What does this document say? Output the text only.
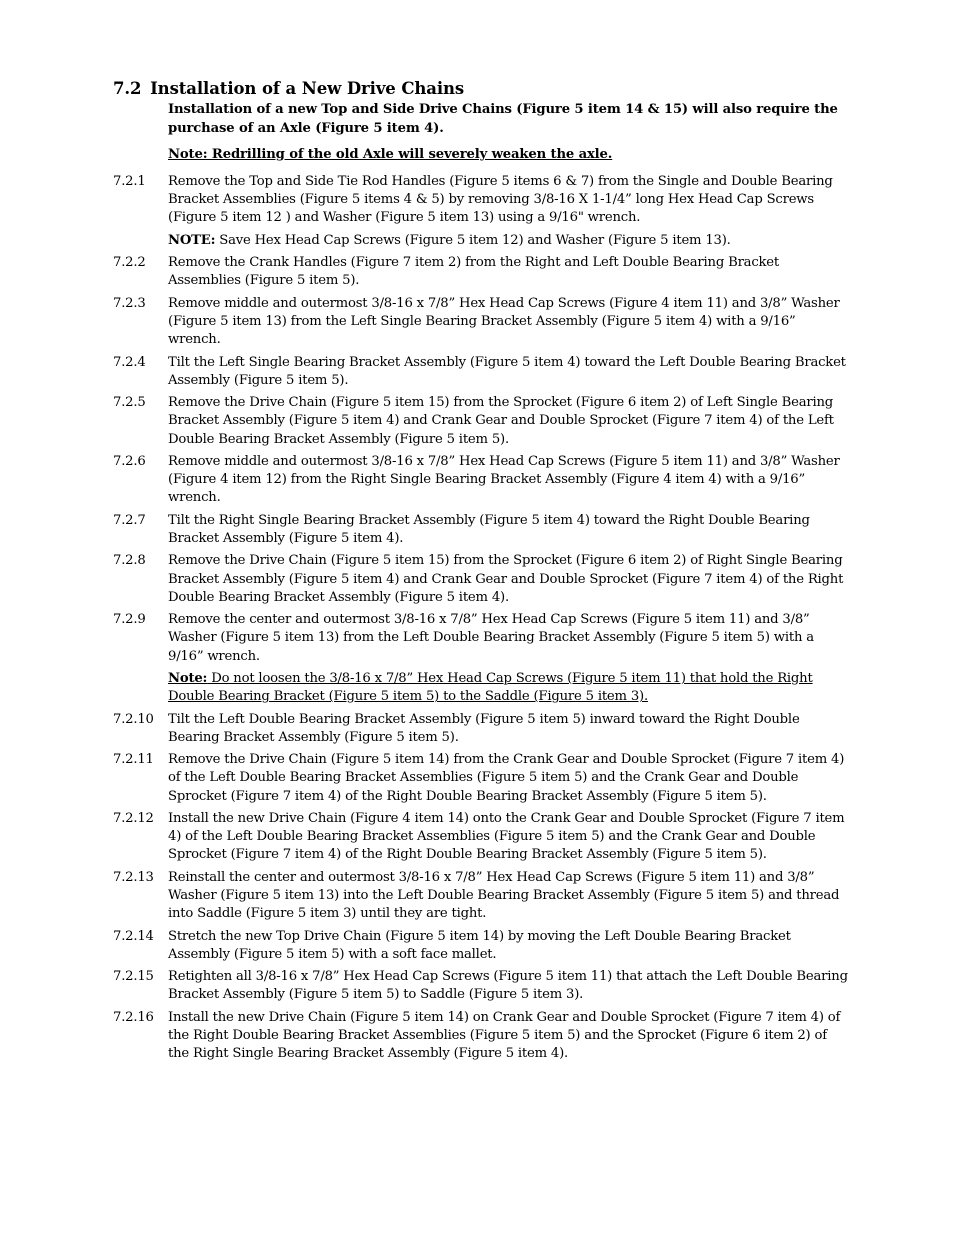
7.2 Installation of a New Drive Chains
Installation of a new Top and Side Drive Chains (Figure 5 item 14 & 15) will also require the purchase of an Axle (Figure 5 item 4).
Note: Redrilling of the old Axle will severely weaken the axle.
7.2.1	Remove the Top and Side Tie Rod Handles (Figure 5 items 6 & 7) from the Single and Double Bearing Bracket Assemblies (Figure 5 items 4 & 5) by removing 3/8-16 X 1-1/4” long Hex Head Cap Screws (Figure 5 item 12 ) and Washer (Figure 5 item 13) using a 9/16" wrench.
NOTE: Save Hex Head Cap Screws (Figure 5 item 12) and Washer (Figure 5 item 13).
7.2.2	Remove the Crank Handles (Figure 7 item 2) from the Right and Left Double Bearing Bracket Assemblies (Figure 5 item 5).
7.2.3	Remove middle and outermost 3/8-16 x 7/8” Hex Head Cap Screws (Figure 4 item 11) and 3/8” Washer (Figure 5 item 13) from the Left Single Bearing Bracket Assembly (Figure 5 item 4) with a 9/16” wrench.
7.2.4	Tilt the Left Single Bearing Bracket Assembly (Figure 5 item 4) toward the Left Double Bearing Bracket Assembly (Figure 5 item 5).
7.2.5	Remove the Drive Chain (Figure 5 item 15) from the Sprocket (Figure 6 item 2) of Left Single Bearing Bracket Assembly (Figure 5 item 4) and Crank Gear and Double Sprocket (Figure 7 item 4) of the Left Double Bearing Bracket Assembly (Figure 5 item 5).
7.2.6	Remove middle and outermost 3/8-16 x 7/8” Hex Head Cap Screws (Figure 5 item 11) and 3/8” Washer (Figure 4 item 12) from the Right Single Bearing Bracket Assembly (Figure 4 item 4) with a 9/16” wrench.
7.2.7	Tilt the Right Single Bearing Bracket Assembly (Figure 5 item 4) toward the Right Double Bearing Bracket Assembly (Figure 5 item 4).
7.2.8	Remove the Drive Chain (Figure 5 item 15) from the Sprocket (Figure 6 item 2) of Right Single Bearing Bracket Assembly (Figure 5 item 4) and Crank Gear and Double Sprocket (Figure 7 item 4) of the Right Double Bearing Bracket Assembly (Figure 5 item 4).
7.2.9	Remove the center and outermost 3/8-16 x 7/8” Hex Head Cap Screws (Figure 5 item 11) and 3/8” Washer (Figure 5 item 13) from the Left Double Bearing Bracket Assembly (Figure 5 item 5) with a 9/16” wrench.
Note: Do not loosen the 3/8-16 x 7/8” Hex Head Cap Screws (Figure 5 item 11) that hold the Right Double Bearing Bracket (Figure 5 item 5) to the Saddle (Figure 5 item 3).
7.2.10	Tilt the Left Double Bearing Bracket Assembly (Figure 5 item 5) inward toward the Right Double Bearing Bracket Assembly (Figure 5 item 5).
7.2.11	Remove the Drive Chain (Figure 5 item 14) from the Crank Gear and Double Sprocket (Figure 7 item 4) of the Left Double Bearing Bracket Assemblies (Figure 5 item 5) and the Crank Gear and Double Sprocket (Figure 7 item 4) of the Right Double Bearing Bracket Assembly (Figure 5 item 5).
7.2.12	Install the new Drive Chain (Figure 4 item 14) onto the Crank Gear and Double Sprocket (Figure 7 item 4) of the Left Double Bearing Bracket Assemblies (Figure 5 item 5) and the Crank Gear and Double Sprocket (Figure 7 item 4) of the Right Double Bearing Bracket Assembly (Figure 5 item 5).
7.2.13	Reinstall the center and outermost 3/8-16 x 7/8” Hex Head Cap Screws (Figure 5 item 11) and 3/8” Washer (Figure 5 item 13) into the Left Double Bearing Bracket Assembly (Figure 5 item 5) and thread into Saddle (Figure 5 item 3) until they are tight.
7.2.14	Stretch the new Top Drive Chain (Figure 5 item 14) by moving the Left Double Bearing Bracket Assembly (Figure 5 item 5) with a soft face mallet.
7.2.15	Retighten all 3/8-16 x 7/8” Hex Head Cap Screws (Figure 5 item 11) that attach the Left Double Bearing Bracket Assembly (Figure 5 item 5) to Saddle (Figure 5 item 3).
7.2.16	Install the new Drive Chain (Figure 5 item 14) on Crank Gear and Double Sprocket (Figure 7 item 4) of the Right Double Bearing Bracket Assemblies (Figure 5 item 5) and the Sprocket (Figure 6 item 2) of the Right Single Bearing Bracket Assembly (Figure 5 item 4).
